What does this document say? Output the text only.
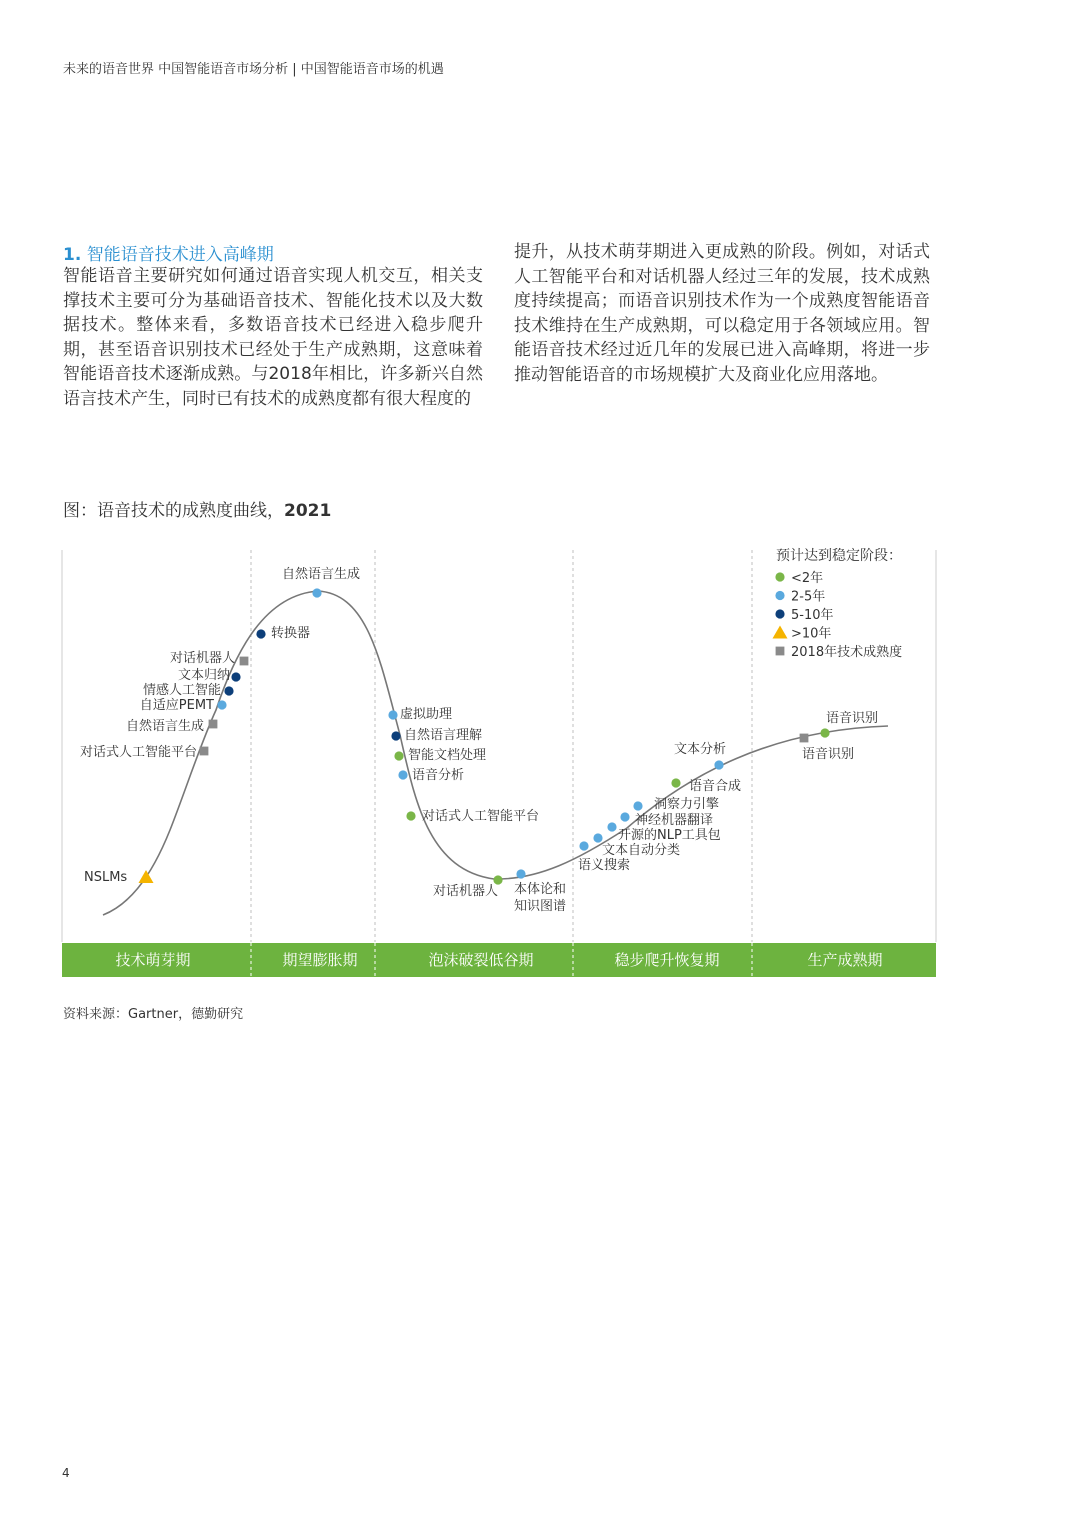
未来的语音世界 中国智能语音市场分析 | 中国智能语音市场的机遇
1. 智能语音技术进入高峰期
智能语音主要研究如何通过语音实现人机交互，相关支撑技术主要可分为基础语音技术、智能化技术以及大数据技术。整体来看，多数语音技术已经进入稳步爬升期，甚至语音识别技术已经处于生产成熟期，这意味着智能语音技术逐渐成熟。与2018年相比，许多新兴自然语言技术产生，同时已有技术的成熟度都有很大程度的
提升，从技术萌芽期进入更成熟的阶段。例如，对话式人工智能平台和对话机器人经过三年的发展，技术成熟度持续提高；而语音识别技术作为一个成熟度智能语音技术维持在生产成熟期，可以稳定用于各领域应用。智能语音技术经过近几年的发展已进入高峰期，将进一步推动智能语音的市场规模扩大及商业化应用落地。
图：语音技术的成熟度曲线，2021
技术萌芽期	期望膨胀期	泡沫破裂低谷期	稳步爬升恢复期	生产成熟期
预计达到稳定阶段：
<2年
2-5年
5-10年
>10年
2018年技术成熟度
NSLMs
对话式人工智能平台
自然语言生成
自适应PEMT
情感人工智能
文本归纳
对话机器人
转换器
自然语言生成
虚拟助理
自然语言理解
智能文档处理
语音分析
对话式人工智能平台
对话机器人 本体论和知识图谱
语义搜索
文本自动分类
开源的NLP工具包
神经机器翻译
洞察力引擎
语音合成
文本分析	语音识别
语音识别
资料来源：Gartner，德勤研究
4
